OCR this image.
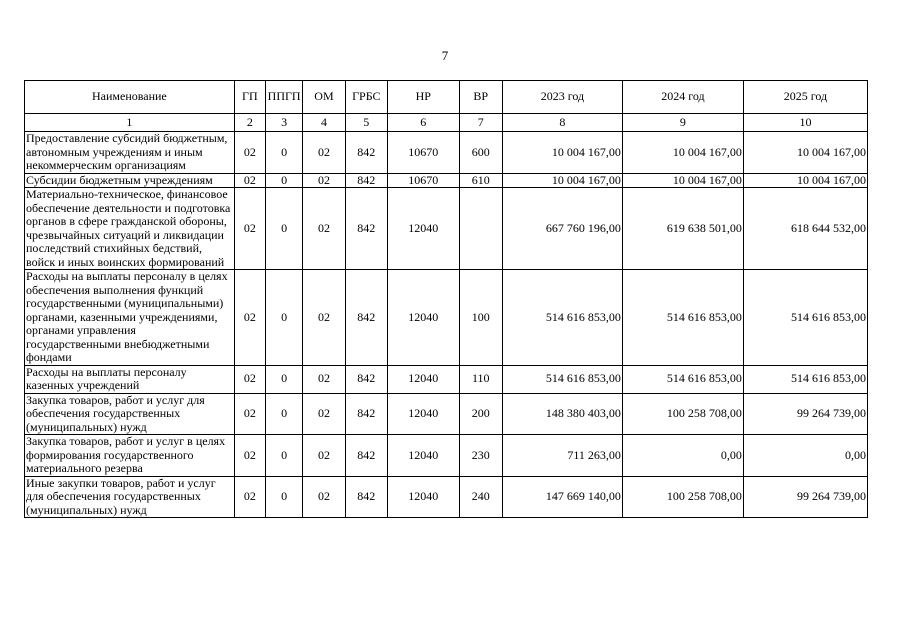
7
Наименование	ГП	ППГП	ОМ	ГРБС	НР	ВР	2023 год	2024 год	2025 год
1	2	3	4	5	6	7	8	9	10
Предоставление субсидий бюджетным, автономным учреждениям и иным некоммерческим организациям	02	0	02	842	10670	600	10 004 167,00	10 004 167,00	10 004 167,00
Субсидии бюджетным учреждениям	02	0	02	842	10670	610	10 004 167,00	10 004 167,00	10 004 167,00
Материально-техническое, финансовое обеспечение деятельности и подготовка органов в сфере гражданской обороны, чрезвычайных ситуаций и ликвидации последствий стихийных бедствий, войск и иных воинских формирований	02	0	02	842	12040		667 760 196,00	619 638 501,00	618 644 532,00
Расходы на выплаты персоналу в целях обеспечения выполнения функций государственными (муниципальными) органами, казенными учреждениями, органами управления государственными внебюджетными фондами	02	0	02	842	12040	100	514 616 853,00	514 616 853,00	514 616 853,00
Расходы на выплаты персоналу казенных учреждений	02	0	02	842	12040	110	514 616 853,00	514 616 853,00	514 616 853,00
Закупка товаров, работ и услуг для обеспечения государственных (муниципальных) нужд	02	0	02	842	12040	200	148 380 403,00	100 258 708,00	99 264 739,00
Закупка товаров, работ и услуг в целях формирования государственного материального резерва	02	0	02	842	12040	230	711 263,00	0,00	0,00
Иные закупки товаров, работ и услуг для обеспечения государственных (муниципальных) нужд	02	0	02	842	12040	240	147 669 140,00	100 258 708,00	99 264 739,00
